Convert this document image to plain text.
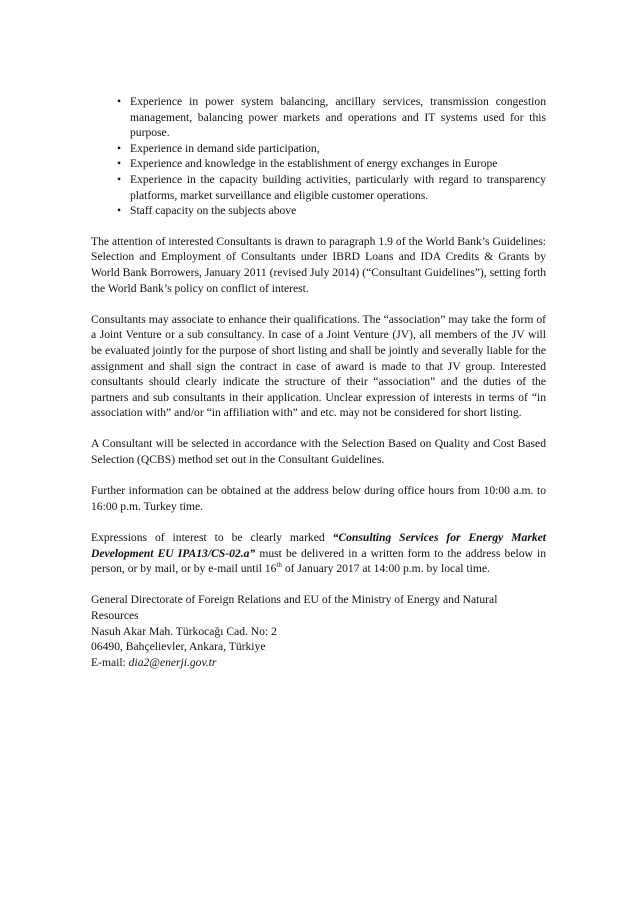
• Experience in power system balancing, ancillary services, transmission congestion management, balancing power markets and operations and IT systems used for this purpose.
• Experience in demand side participation,
• Experience and knowledge in the establishment of energy exchanges in Europe
• Experience in the capacity building activities, particularly with regard to transparency platforms, market surveillance and eligible customer operations.
• Staff capacity on the subjects above

The attention of interested Consultants is drawn to paragraph 1.9 of the World Bank’s Guidelines: Selection and Employment of Consultants under IBRD Loans and IDA Credits & Grants by World Bank Borrowers, January 2011 (revised July 2014) (“Consultant Guidelines”), setting forth the World Bank’s policy on conflict of interest.

Consultants may associate to enhance their qualifications. The “association” may take the form of a Joint Venture or a sub consultancy. In case of a Joint Venture (JV), all members of the JV will be evaluated jointly for the purpose of short listing and shall be jointly and severally liable for the assignment and shall sign the contract in case of award is made to that JV group. Interested consultants should clearly indicate the structure of their “association” and the duties of the partners and sub consultants in their application. Unclear expression of interests in terms of “in association with” and/or “in affiliation with” and etc. may not be considered for short listing.

A Consultant will be selected in accordance with the Selection Based on Quality and Cost Based Selection (QCBS) method set out in the Consultant Guidelines.

Further information can be obtained at the address below during office hours from 10:00 a.m. to 16:00 p.m. Turkey time.

Expressions of interest to be clearly marked “Consulting Services for Energy Market Development EU IPA13/CS-02.a” must be delivered in a written form to the address below in person, or by mail, or by e-mail until 16th of January 2017 at 14:00 p.m. by local time.

General Directorate of Foreign Relations and EU of the Ministry of Energy and Natural Resources
Nasuh Akar Mah. Türkocağı Cad. No: 2
06490, Bahçelievler, Ankara, Türkiye
E-mail: dia2@enerji.gov.tr
